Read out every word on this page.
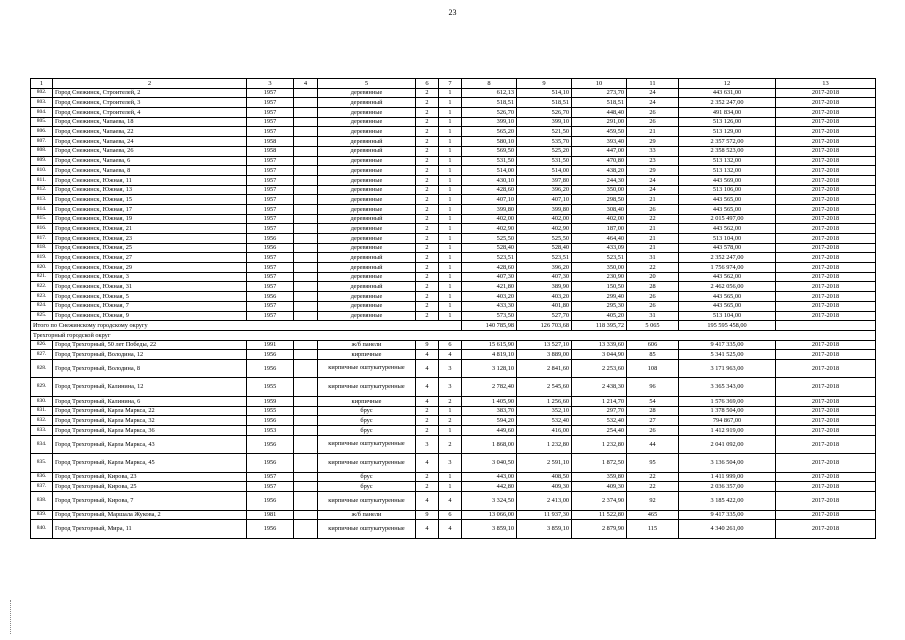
23
1	2	3	4	5	6	7	8	9	10	11	12	13
802.	Город Снежинск, Строителей, 2	1957		деревянные	2	1	612,13	514,10	273,70	24	443 631,00	2017-2018
803.	Город Снежинск, Строителей, 3	1957		деревянный	2	1	518,51	518,51	518,51	24	2 352 247,00	2017-2018
804.	Город Снежинск, Строителей, 4	1957		деревянные	2	1	526,70	526,70	448,40	26	491 834,00	2017-2018
805.	Город Снежинск, Чапаева, 18	1957		деревянные	2	1	399,10	399,10	291,00	26	513 126,00	2017-2018
806.	Город Снежинск, Чапаева, 22	1957		деревянные	2	1	565,20	521,50	459,50	21	513 129,00	2017-2018
807.	Город Снежинск, Чапаева, 24	1958		деревянный	2	1	580,10	535,70	393,40	29	2 357 572,00	2017-2018
808.	Город Снежинск, Чапаева, 26	1958		деревянный	2	1	569,50	525,20	447,00	33	2 358 523,00	2017-2018
809.	Город Снежинск, Чапаева, 6	1957		деревянные	2	1	531,50	531,50	470,80	23	513 132,00	2017-2018
810.	Город Снежинск, Чапаева, 8	1957		деревянные	2	1	514,00	514,00	438,20	29	513 132,00	2017-2018
811.	Город Снежинск, Южная, 11	1957		деревянные	2	1	430,10	397,80	244,30	24	443 569,00	2017-2018
812.	Город Снежинск, Южная, 13	1957		деревянные	2	1	428,60	396,20	350,00	24	513 106,00	2017-2018
813.	Город Снежинск, Южная, 15	1957		деревянные	2	1	407,10	407,10	298,50	21	443 565,00	2017-2018
814.	Город Снежинск, Южная, 17	1957		деревянные	2	1	399,80	399,80	308,40	26	443 565,00	2017-2018
815.	Город Снежинск, Южная, 19	1957		деревянный	2	1	402,00	402,00	402,00	22	2 015 497,00	2017-2018
816.	Город Снежинск, Южная, 21	1957		деревянные	2	1	402,90	402,90	187,00	21	443 562,00	2017-2018
817.	Город Снежинск, Южная, 23	1956		деревянные	2	1	525,50	525,50	464,40	21	513 104,00	2017-2018
818.	Город Снежинск, Южная, 25	1956		деревянные	2	1	528,40	528,40	433,09	21	443 578,00	2017-2018
819.	Город Снежинск, Южная, 27	1957		деревянный	2	1	523,51	523,51	523,51	31	2 352 247,00	2017-2018
820.	Город Снежинск, Южная, 29	1957		деревянный	2	1	428,60	396,20	350,00	22	1 756 974,00	2017-2018
821.	Город Снежинск, Южная, 3	1957		деревянные	2	1	407,30	407,30	230,90	20	443 562,00	2017-2018
822.	Город Снежинск, Южная, 31	1957		деревянный	2	1	421,80	389,90	150,50	28	2 462 056,00	2017-2018
823.	Город Снежинск, Южная, 5	1956		деревянные	2	1	403,20	403,20	299,40	26	443 565,00	2017-2018
824.	Город Снежинск, Южная, 7	1957		деревянные	2	1	433,30	401,80	295,30	26	443 565,00	2017-2018
825.	Город Снежинск, Южная, 9	1957		деревянные	2	1	573,50	527,70	405,20	31	513 104,00	2017-2018
Итого по Снежинскому городскому округу							140 785,98	126 703,68	118 395,72	5 065	195 595 458,00	
Трехгорный городской округ												
826.	Город Трехгорный, 50 лет Победы, 22	1991		ж/б панели	9	6	15 615,90	13 527,10	13 339,60	606	9 417 335,00	2017-2018
827.	Город Трехгорный, Володина, 12	1956		кирпичные	4	4	4 819,10	3 889,00	3 044,90	85	5 341 525,00	2017-2018
828.	Город Трехгорный, Володина, 8	1956		кирпичные оштукатуренные	4	3	3 128,10	2 841,60	2 253,60	108	3 171 963,00	2017-2018
829.	Город Трехгорный, Калинина, 12	1955		кирпичные оштукатуренные	4	3	2 782,40	2 545,60	2 438,30	96	3 365 343,00	2017-2018
830.	Город Трехгорный, Калинина, 6	1959		кирпичные	4	2	1 405,90	1 256,60	1 214,70	54	1 576 369,00	2017-2018
831.	Город Трехгорный, Карла Маркса, 22	1955		брус	2	1	383,70	352,10	297,70	28	1 378 504,00	2017-2018
832.	Город Трехгорный, Карла Маркса, 32	1956		брус	2	2	594,20	532,40	532,40	27	794 867,00	2017-2018
833.	Город Трехгорный, Карла Маркса, 36	1953		брус	2	1	449,60	416,00	254,40	26	1 412 919,00	2017-2018
834.	Город Трехгорный, Карла Маркса, 43	1956		кирпичные оштукатуренные	3	2	1 868,00	1 232,80	1 232,80	44	2 041 092,00	2017-2018
835.	Город Трехгорный, Карла Маркса, 45	1956		кирпичные оштукатуренные	4	3	3 040,50	2 591,10	1 872,50	95	3 136 504,00	2017-2018
836.	Город Трехгорный, Кирова, 23	1957		брус	2	1	443,00	408,50	359,80	22	1 411 999,00	2017-2018
837.	Город Трехгорный, Кирова, 25	1957		брус	2	1	442,80	409,30	409,30	22	2 036 357,00	2017-2018
838.	Город Трехгорный, Кирова, 7	1956		кирпичные оштукатуренные	4	4	3 324,50	2 413,00	2 374,90	92	3 185 422,00	2017-2018
839.	Город Трехгорный, Маршала Жукова, 2	1981		ж/б панели	9	6	13 066,00	11 937,30	11 522,80	465	9 417 335,00	2017-2018
840.	Город Трехгорный, Мира, 11	1956		кирпичные оштукатуренные	4	4	3 859,10	3 859,10	2 879,90	115	4 340 261,00	2017-2018
